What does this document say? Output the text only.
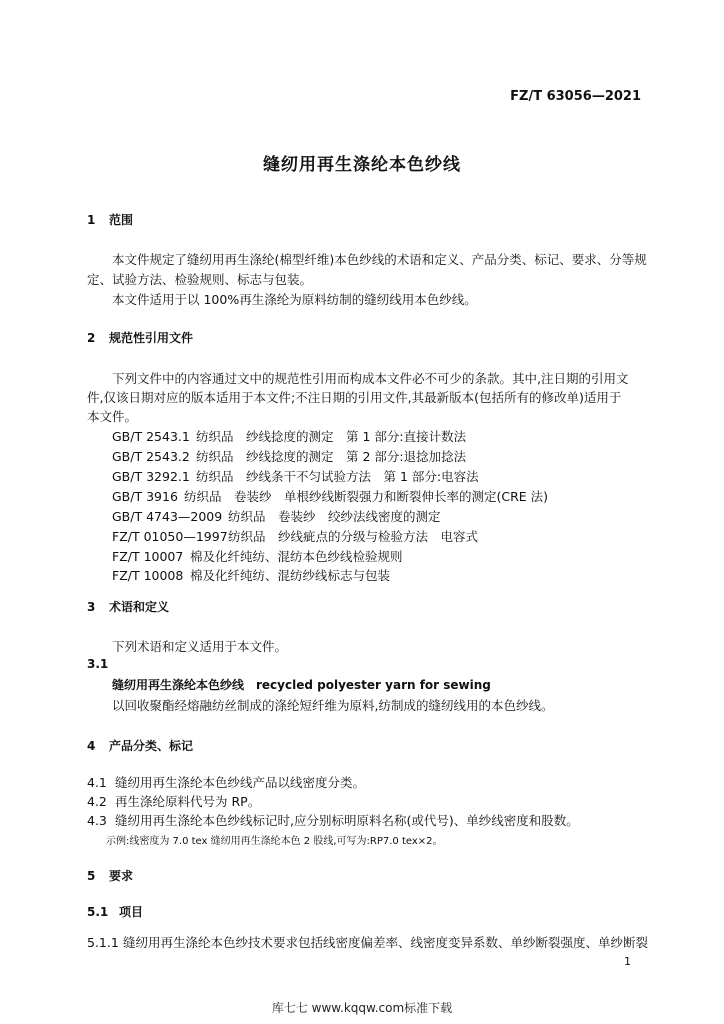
FZ/T 63056—2021
缝纫用再生涤纶本色纱线
1 范围
本文件规定了缝纫用再生涤纶(棉型纤维)本色纱线的术语和定义、产品分类、标记、要求、分等规
定、试验方法、检验规则、标志与包装。
本文件适用于以 100%再生涤纶为原料纺制的缝纫线用本色纱线。
2 规范性引用文件
下列文件中的内容通过文中的规范性引用而构成本文件必不可少的条款。其中,注日期的引用文
件,仅该日期对应的版本适用于本文件;不注日期的引用文件,其最新版本(包括所有的修改单)适用于
本文件。
GB/T 2543.1 纺织品　纱线捻度的测定　第 1 部分:直接计数法
GB/T 2543.2 纺织品　纱线捻度的测定　第 2 部分:退捻加捻法
GB/T 3292.1 纺织品　纱线条干不匀试验方法　第 1 部分:电容法
GB/T 3916 纺织品　卷装纱　单根纱线断裂强力和断裂伸长率的测定(CRE 法)
GB/T 4743—2009 纺织品　卷装纱　绞纱法线密度的测定
FZ/T 01050—1997纺织品　纱线疵点的分级与检验方法　电容式
FZ/T 10007 棉及化纤纯纺、混纺本色纱线检验规则
FZ/T 10008 棉及化纤纯纺、混纺纱线标志与包装
3 术语和定义
下列术语和定义适用于本文件。
3.1
缝纫用再生涤纶本色纱线　recycled polyester yarn for sewing
以回收聚酯经熔融纺丝制成的涤纶短纤维为原料,纺制成的缝纫线用的本色纱线。
4 产品分类、标记
4.1 缝纫用再生涤纶本色纱线产品以线密度分类。
4.2 再生涤纶原料代号为 RP。
4.3 缝纫用再生涤纶本色纱线标记时,应分别标明原料名称(或代号)、单纱线密度和股数。
示例:线密度为 7.0 tex 缝纫用再生涤纶本色 2 股线,可写为:RP7.0 tex×2。
5 要求
5.1 项目
5.1.1 缝纫用再生涤纶本色纱技术要求包括线密度偏差率、线密度变异系数、单纱断裂强度、单纱断裂
1
库七七 www.kqqw.com标准下载
